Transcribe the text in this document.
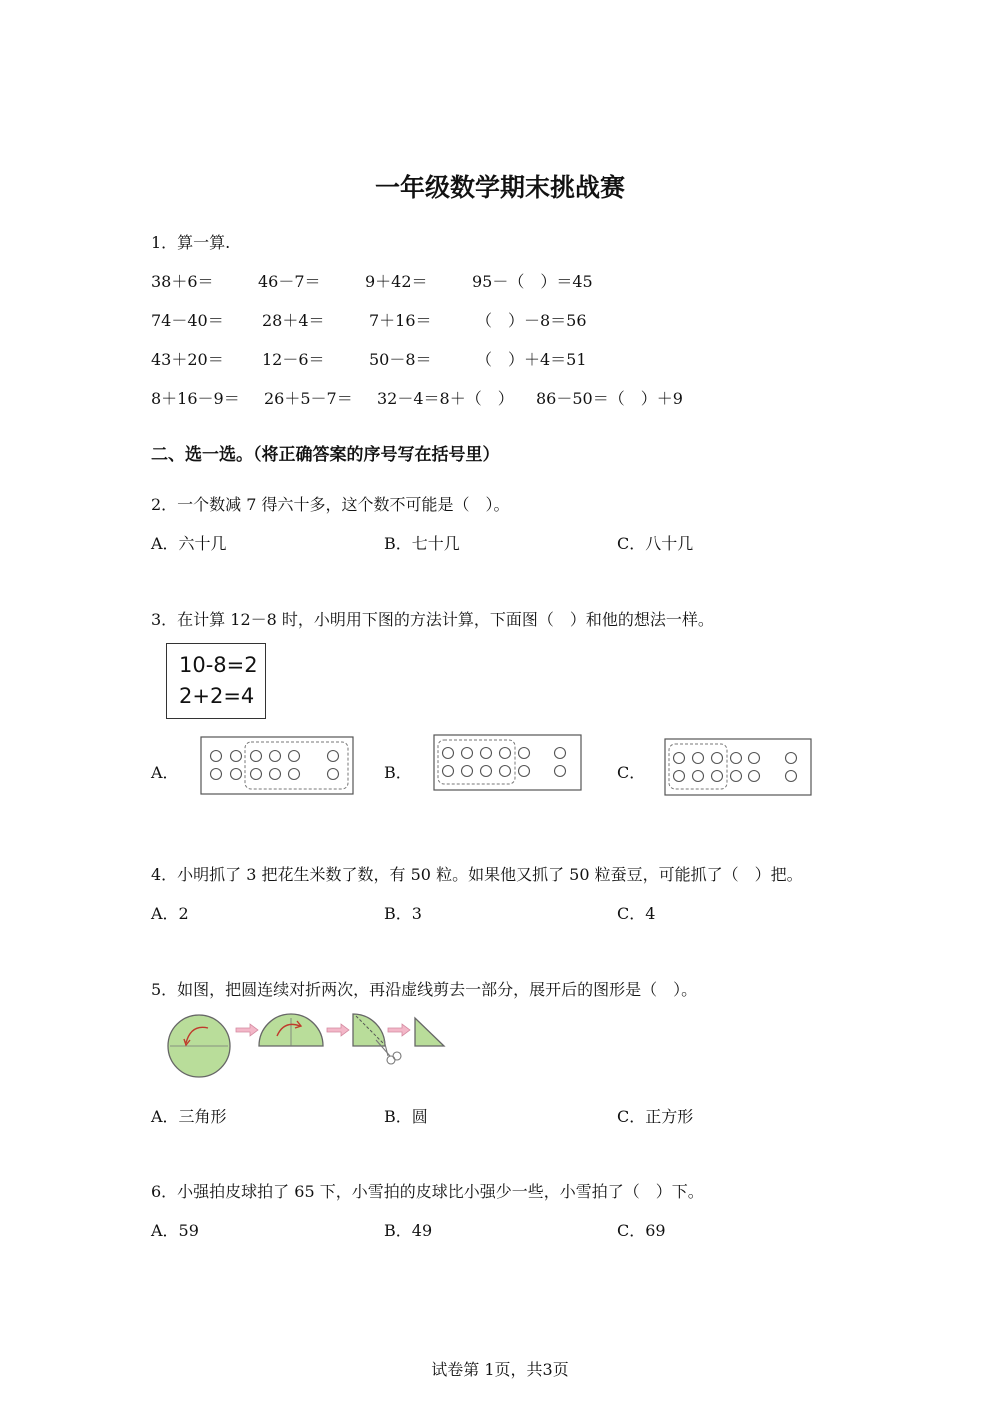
一年级数学期末挑战赛
1．算一算.
38＋6＝	46－7＝	9＋42＝	95－（　）＝45
74－40＝ 28＋4＝	7＋16＝	（　）－8＝56
43＋20＝ 12－6＝	50－8＝	（　）＋4＝51
8＋16－9＝ 26＋5－7＝ 32－4＝8＋（　） 86－50＝（　）＋9
二、选一选。（将正确答案的序号写在括号里）
2．一个数减 7 得六十多，这个数不可能是（　）。
A．六十几	B．七十几	C．八十几
3．在计算 12－8 时，小明用下图的方法计算，下面图（　）和他的想法一样。
10-8=2
2+2=4
A．	B．	C．
4．小明抓了 3 把花生米数了数，有 50 粒。如果他又抓了 50 粒蚕豆，可能抓了（　）把。
A．2	B．3	C．4
5．如图，把圆连续对折两次，再沿虚线剪去一部分，展开后的图形是（　）。
A．三角形	B．圆	C．正方形
6．小强拍皮球拍了 65 下，小雪拍的皮球比小强少一些，小雪拍了（　）下。
A．59	B．49	C．69
试卷第 1页，共3页
